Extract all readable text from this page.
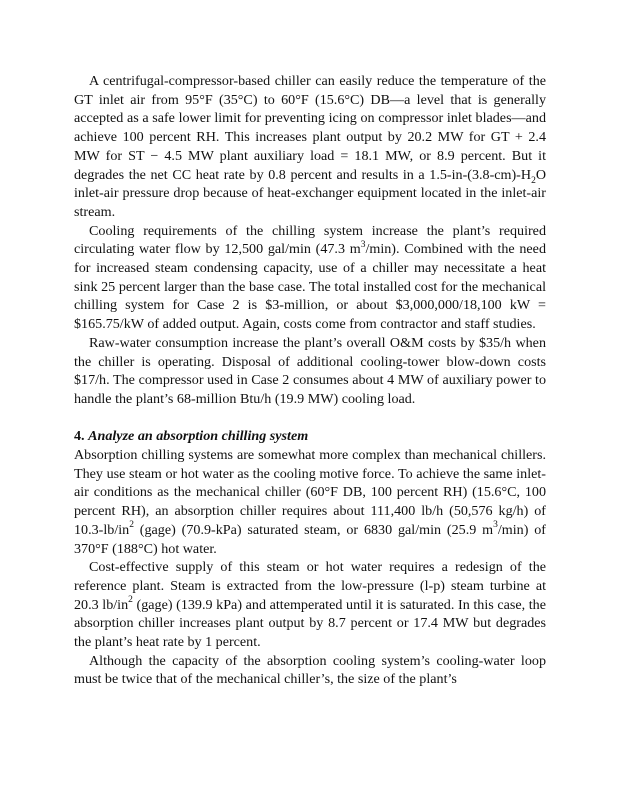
A centrifugal-compressor-based chiller can easily reduce the temperature of the GT inlet air from 95°F (35°C) to 60°F (15.6°C) DB—a level that is generally accepted as a safe lower limit for preventing icing on compressor inlet blades—and achieve 100 percent RH. This increases plant output by 20.2 MW for GT + 2.4 MW for ST − 4.5 MW plant auxiliary load = 18.1 MW, or 8.9 percent. But it degrades the net CC heat rate by 0.8 percent and results in a $1.5-in-(3.8-cm)-H_2O$ inlet-air pressure drop because of heat-exchanger equipment located in the inlet-air stream.

Cooling requirements of the chilling system increase the plant’s required circulating water flow by 12,500 gal/min (47.3 $m^3/\min$). Combined with the need for increased steam condensing capacity, use of a chiller may necessitate a heat sink 25 percent larger than the base case. The total installed cost for the mechanical chilling system for Case 2 is $3-million, or about $3,000,000/18,100 kW = $165.75/kW of added output. Again, costs come from contractor and staff studies.

Raw-water consumption increase the plant’s overall O&M costs by $35/h when the chiller is operating. Disposal of additional cooling-tower blow-down costs $17/h. The compressor used in Case 2 consumes about 4 MW of auxiliary power to handle the plant’s 68-million Btu/h (19.9 MW) cooling load.

4. Analyze an absorption chilling system

Absorption chilling systems are somewhat more complex than mechanical chillers. They use steam or hot water as the cooling motive force. To achieve the same inlet-air conditions as the mechanical chiller (60°F DB, 100 percent RH) (15.6°C, 100 percent RH), an absorption chiller requires about 111,400 lb/h (50,576 kg/h) of $10.3-lb/in^2$ (gage) (70.9-kPa) saturated steam, or 6830 gal/min (25.9 $m^3/\min$) of 370°F (188°C) hot water.

Cost-effective supply of this steam or hot water requires a redesign of the reference plant. Steam is extracted from the low-pressure (l-p) steam turbine at 20.3 $lb/in^2$ (gage) (139.9 kPa) and attemperated until it is saturated. In this case, the absorption chiller increases plant output by 8.7 percent or 17.4 MW but degrades the plant’s heat rate by 1 percent.

Although the capacity of the absorption cooling system’s cooling-water loop must be twice that of the mechanical chiller’s, the size of the plant’s
